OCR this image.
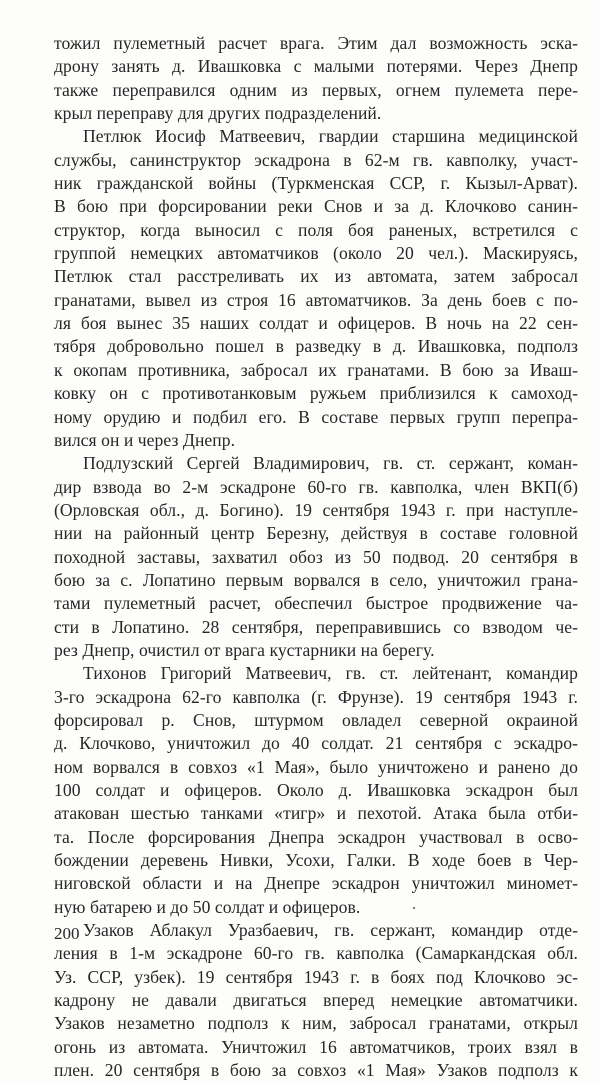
тожил пулеметный расчет врага. Этим дал возможность эска-
дрону занять д. Ивашковка с малыми потерями. Через Днепр
также переправился одним из первых, огнем пулемета пере-
крыл переправу для других подразделений.
Петлюк Иосиф Матвеевич, гвардии старшина медицинской
службы, санинструктор эскадрона в 62-м гв. кавполку, участ-
ник гражданской войны (Туркменская ССР, г. Кызыл-Арват).
В бою при форсировании реки Снов и за д. Клочково санин-
структор, когда выносил с поля боя раненых, встретился с
группой немецких автоматчиков (около 20 чел.). Маскируясь,
Петлюк стал расстреливать их из автомата, затем забросал
гранатами, вывел из строя 16 автоматчиков. За день боев с по-
ля боя вынес 35 наших солдат и офицеров. В ночь на 22 сен-
тября добровольно пошел в разведку в д. Ивашковка, подполз
к окопам противника, забросал их гранатами. В бою за Иваш-
ковку он с противотанковым ружьем приблизился к самоход-
ному орудию и подбил его. В составе первых групп перепра-
вился он и через Днепр.
Подлузский Сергей Владимирович, гв. ст. сержант, коман-
дир взвода во 2-м эскадроне 60-го гв. кавполка, член ВКП(б)
(Орловская обл., д. Богино). 19 сентября 1943 г. при наступле-
нии на районный центр Березну, действуя в составе головной
походной заставы, захватил обоз из 50 подвод. 20 сентября в
бою за с. Лопатино первым ворвался в село, уничтожил грана-
тами пулеметный расчет, обеспечил быстрое продвижение ча-
сти в Лопатино. 28 сентября, переправившись со взводом че-
рез Днепр, очистил от врага кустарники на берегу.
Тихонов Григорий Матвеевич, гв. ст. лейтенант, командир
3-го эскадрона 62-го кавполка (г. Фрунзе). 19 сентября 1943 г.
форсировал р. Снов, штурмом овладел северной окраиной
д. Клочково, уничтожил до 40 солдат. 21 сентября с эскадро-
ном ворвался в совхоз «1 Мая», было уничтожено и ранено до
100 солдат и офицеров. Около д. Ивашковка эскадрон был
атакован шестью танками «тигр» и пехотой. Атака была отби-
та. После форсирования Днепра эскадрон участвовал в осво-
бождении деревень Нивки, Усохи, Галки. В ходе боев в Чер-
ниговской области и на Днепре эскадрон уничтожил миномет-
ную батарею и до 50 солдат и офицеров.
Узаков Аблакул Уразбаевич, гв. сержант, командир отде-
ления в 1-м эскадроне 60-го гв. кавполка (Самаркандская обл.
Уз. ССР, узбек). 19 сентября 1943 г. в боях под Клочково эс-
кадрону не давали двигаться вперед немецкие автоматчики.
Узаков незаметно подполз к ним, забросал гранатами, открыл
огонь из автомата. Уничтожил 16 автоматчиков, троих взял в
плен. 20 сентября в бою за совхоз «1 Мая» Узаков подполз к
200
